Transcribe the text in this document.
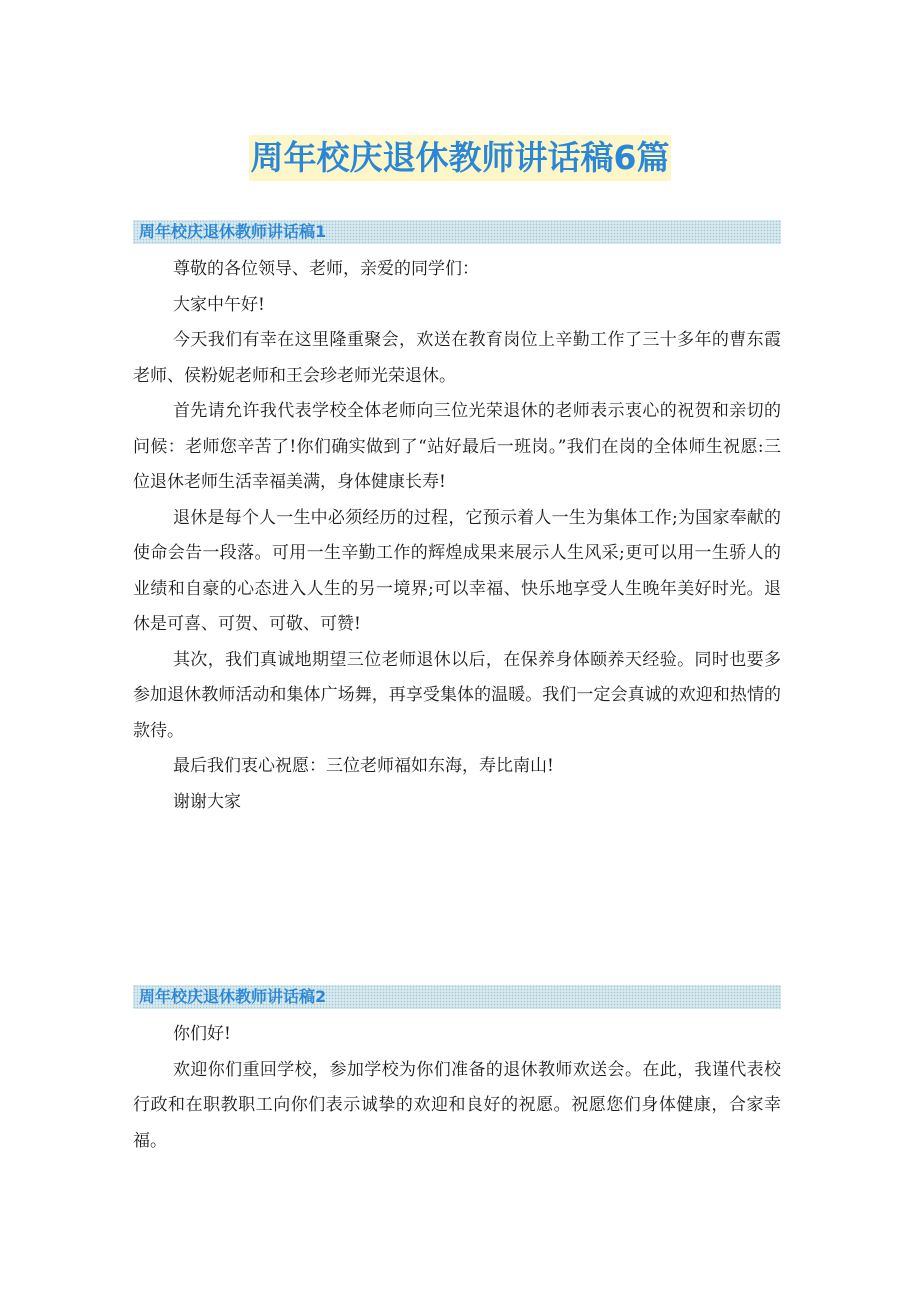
周年校庆退休教师讲话稿6篇
周年校庆退休教师讲话稿1

尊敬的各位领导、老师，亲爱的同学们：

大家中午好!

今天我们有幸在这里隆重聚会，欢送在教育岗位上辛勤工作了三十多年的曹东霞老师、侯粉妮老师和王会珍老师光荣退休。

首先请允许我代表学校全体老师向三位光荣退休的老师表示衷心的祝贺和亲切的问候：老师您辛苦了!你们确实做到了“站好最后一班岗。”我们在岗的全体师生祝愿:三位退休老师生活幸福美满，身体健康长寿!

退休是每个人一生中必须经历的过程，它预示着人一生为集体工作;为国家奉献的使命会告一段落。可用一生辛勤工作的辉煌成果来展示人生风采;更可以用一生骄人的业绩和自豪的心态进入人生的另一境界;可以幸福、快乐地享受人生晚年美好时光。退休是可喜、可贺、可敬、可赞!

其次，我们真诚地期望三位老师退休以后，在保养身体颐养天经验。同时也要多参加退休教师活动和集体广场舞，再享受集体的温暖。我们一定会真诚的欢迎和热情的款待。

最后我们衷心祝愿：三位老师福如东海，寿比南山!

谢谢大家

周年校庆退休教师讲话稿2

你们好!

欢迎你们重回学校，参加学校为你们准备的退休教师欢送会。在此，我谨代表校行政和在职教职工向你们表示诚挚的欢迎和良好的祝愿。祝愿您们身体健康，合家幸福。
